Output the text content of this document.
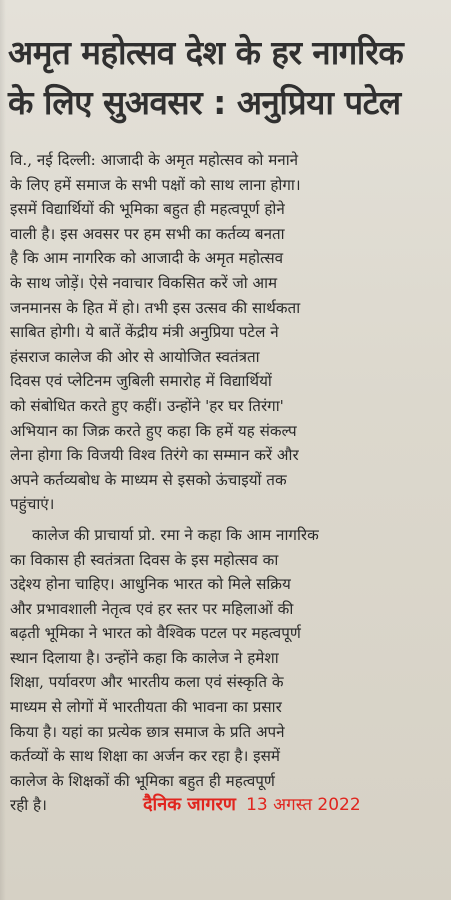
अमृत महोत्सव देश के हर नागरिक
के लिए सुअवसर : अनुप्रिया पटेल

वि., नई दिल्ली: आजादी के अमृत महोत्सव को मनाने
के लिए हमें समाज के सभी पक्षों को साथ लाना होगा।
इसमें विद्यार्थियों की भूमिका बहुत ही महत्वपूर्ण होने
वाली है। इस अवसर पर हम सभी का कर्तव्य बनता
है कि आम नागरिक को आजादी के अमृत महोत्सव
के साथ जोड़ें। ऐसे नवाचार विकसित करें जो आम
जनमानस के हित में हो। तभी इस उत्सव की सार्थकता
साबित होगी। ये बातें केंद्रीय मंत्री अनुप्रिया पटेल ने
हंसराज कालेज की ओर से आयोजित स्वतंत्रता
दिवस एवं प्लेटिनम जुबिली समारोह में विद्यार्थियों
को संबोधित करते हुए कहीं। उन्होंने 'हर घर तिरंगा'
अभियान का जिक्र करते हुए कहा कि हमें यह संकल्प
लेना होगा कि विजयी विश्व तिरंगे का सम्मान करें और
अपने कर्तव्यबोध के माध्यम से इसको ऊंचाइयों तक
पहुंचाएं।

कालेज की प्राचार्या प्रो. रमा ने कहा कि आम नागरिक
का विकास ही स्वतंत्रता दिवस के इस महोत्सव का
उद्देश्य होना चाहिए। आधुनिक भारत को मिले सक्रिय
और प्रभावशाली नेतृत्व एवं हर स्तर पर महिलाओं की
बढ़ती भूमिका ने भारत को वैश्विक पटल पर महत्वपूर्ण
स्थान दिलाया है। उन्होंने कहा कि कालेज ने हमेशा
शिक्षा, पर्यावरण और भारतीय कला एवं संस्कृति के
माध्यम से लोगों में भारतीयता की भावना का प्रसार
किया है। यहां का प्रत्येक छात्र समाज के प्रति अपने
कर्तव्यों के साथ शिक्षा का अर्जन कर रहा है। इसमें
कालेज के शिक्षकों की भूमिका बहुत ही महत्वपूर्ण
रही है।	दैनिक जागरण 13 अगस्त 2022
